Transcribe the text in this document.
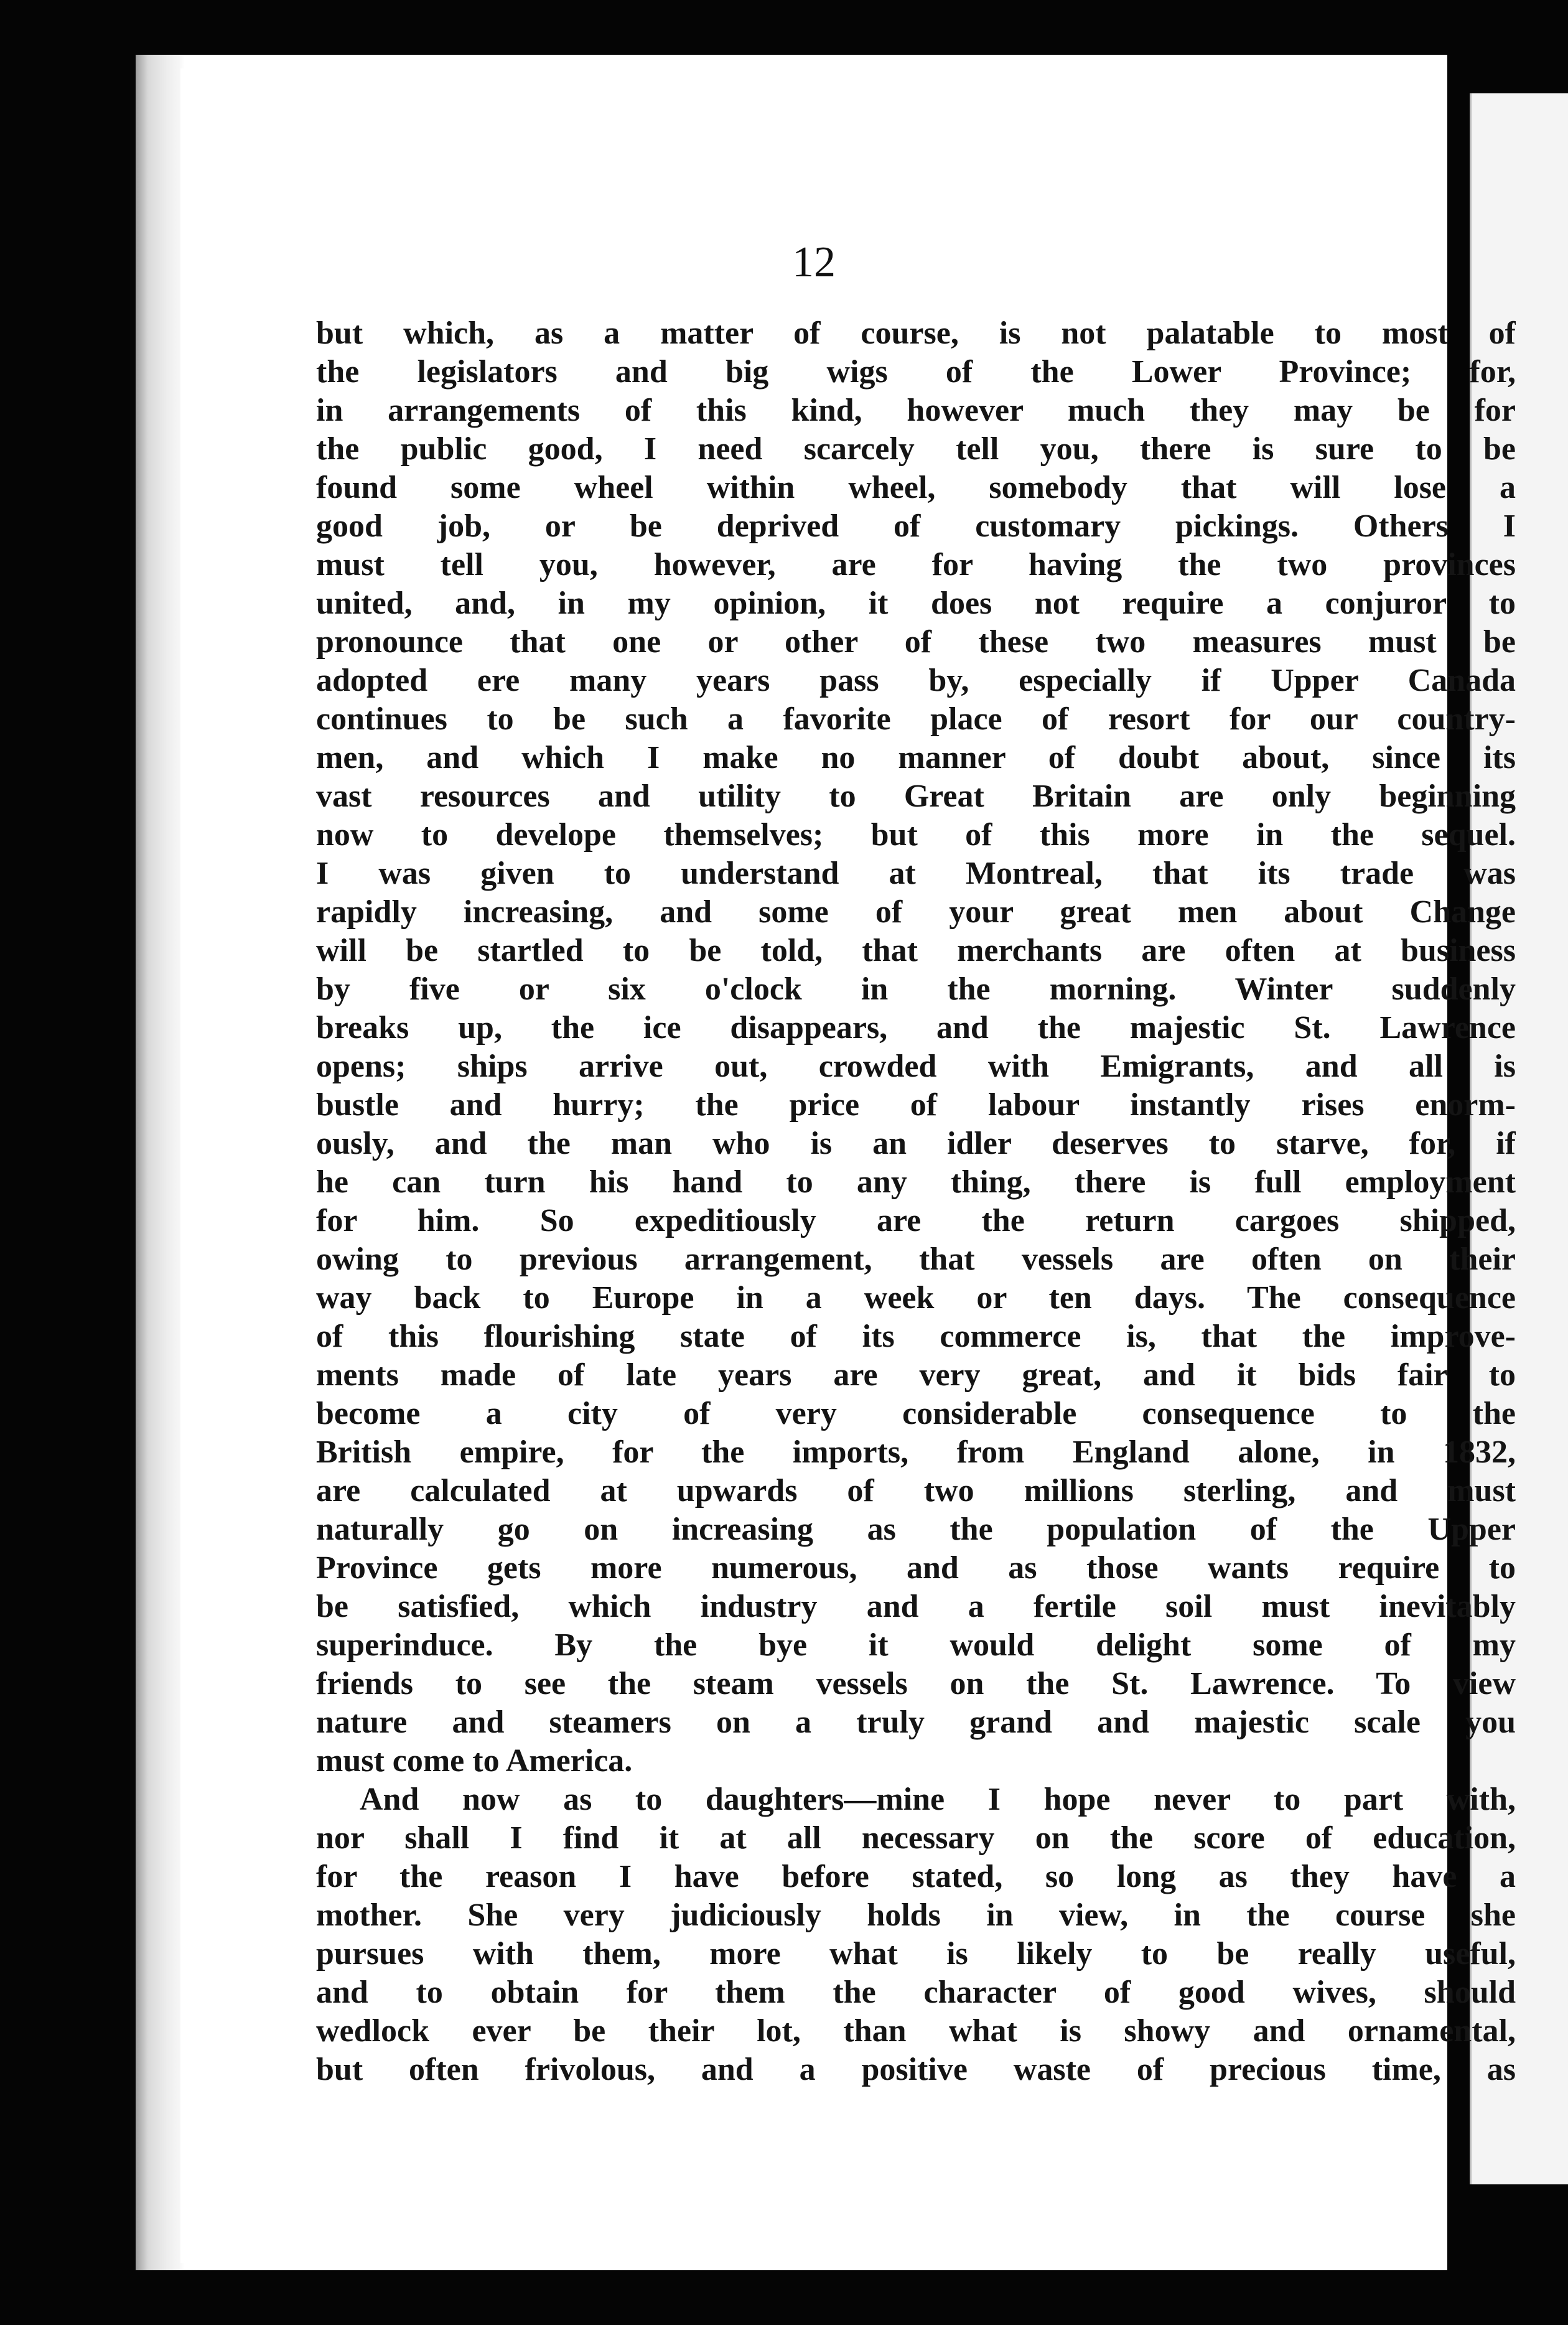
12
but which, as a matter of course, is not palatable to most of
the legislators and big wigs of the Lower Province; for,
in arrangements of this kind, however much they may be for
the public good, I need scarcely tell you, there is sure to be
found some wheel within wheel, somebody that will lose a
good job, or be deprived of customary pickings. Others I
must tell you, however, are for having the two provinces
united, and, in my opinion, it does not require a conjuror to
pronounce that one or other of these two measures must be
adopted ere many years pass by, especially if Upper Canada
continues to be such a favorite place of resort for our country-
men, and which I make no manner of doubt about, since its
vast resources and utility to Great Britain are only beginning
now to develope themselves; but of this more in the sequel.
I was given to understand at Montreal, that its trade was
rapidly increasing, and some of your great men about Change
will be startled to be told, that merchants are often at business
by five or six o'clock in the morning. Winter suddenly
breaks up, the ice disappears, and the majestic St. Lawrence
opens; ships arrive out, crowded with Emigrants, and all is
bustle and hurry; the price of labour instantly rises enorm-
ously, and the man who is an idler deserves to starve, for, if
he can turn his hand to any thing, there is full employment
for him. So expeditiously are the return cargoes shipped,
owing to previous arrangement, that vessels are often on their
way back to Europe in a week or ten days. The consequence
of this flourishing state of its commerce is, that the improve-
ments made of late years are very great, and it bids fair to
become a city of very considerable consequence to the
British empire, for the imports, from England alone, in 1832,
are calculated at upwards of two millions sterling, and must
naturally go on increasing as the population of the Upper
Province gets more numerous, and as those wants require to
be satisfied, which industry and a fertile soil must inevitably
superinduce. By the bye it would delight some of my
friends to see the steam vessels on the St. Lawrence. To view
nature and steamers on a truly grand and majestic scale you
must come to America.
And now as to daughters—mine I hope never to part with,
nor shall I find it at all necessary on the score of education,
for the reason I have before stated, so long as they have a
mother. She very judiciously holds in view, in the course she
pursues with them, more what is likely to be really useful,
and to obtain for them the character of good wives, should
wedlock ever be their lot, than what is showy and ornamental,
but often frivolous, and a positive waste of precious time, as
